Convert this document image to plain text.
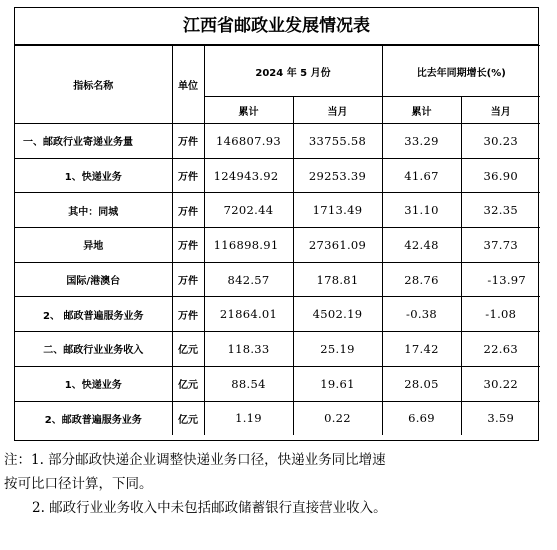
江西省邮政业发展情况表
指标名称	单位	2024 年 5 月份		比去年同期增长(%)	
		累计	当月	累计	当月
一、邮政行业寄递业务量	万件	146807.93	33755.58	33.29	30.23
1、快递业务	万件	124943.92	29253.39	41.67	36.90
其中：同城	万件	7202.44	1713.49	31.10	32.35
异地	万件	116898.91	27361.09	42.48	37.73
国际/港澳台	万件	842.57	178.81	28.76	-13.97
2、 邮政普遍服务业务	万件	21864.01	4502.19	-0.38	-1.08
二、邮政行业业务收入	亿元	118.33	25.19	17.42	22.63
1、快递业务	亿元	88.54	19.61	28.05	30.22
2、邮政普遍服务业务	亿元	1.19	0.22	6.69	3.59

注：1. 部分邮政快递企业调整快递业务口径，快递业务同比增速

按可比口径计算，下同。

2. 邮政行业业务收入中未包括邮政储蓄银行直接营业收入。
